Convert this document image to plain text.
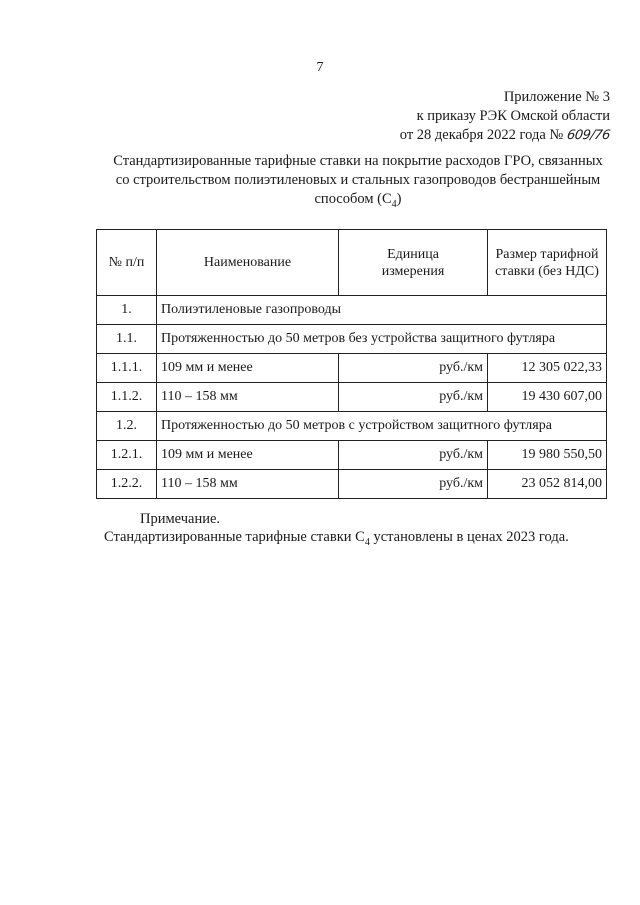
7
Приложение № 3
к приказу РЭК Омской области
от 28 декабря 2022 года № 609/76
Стандартизированные тарифные ставки на покрытие расходов ГРО, связанных
со строительством полиэтиленовых и стальных газопроводов бестраншейным
способом $(С_4)$
№ п/п	Наименование	Единица измерения	Размер тарифной ставки (без НДС)
1.	Полиэтиленовые газопроводы		
1.1.	Протяженностью до 50 метров без устройства защитного футляра		
1.1.1.	109 мм и менее	руб./км	12 305 022,33
1.1.2.	110 – 158 мм	руб./км	19 430 607,00
1.2.	Протяженностью до 50 метров с устройством защитного футляра		
1.2.1.	109 мм и менее	руб./км	19 980 550,50
1.2.2.	110 – 158 мм	руб./км	23 052 814,00
Примечание.
Стандартизированные тарифные ставки $С_4$ установлены в ценах 2023 года.
